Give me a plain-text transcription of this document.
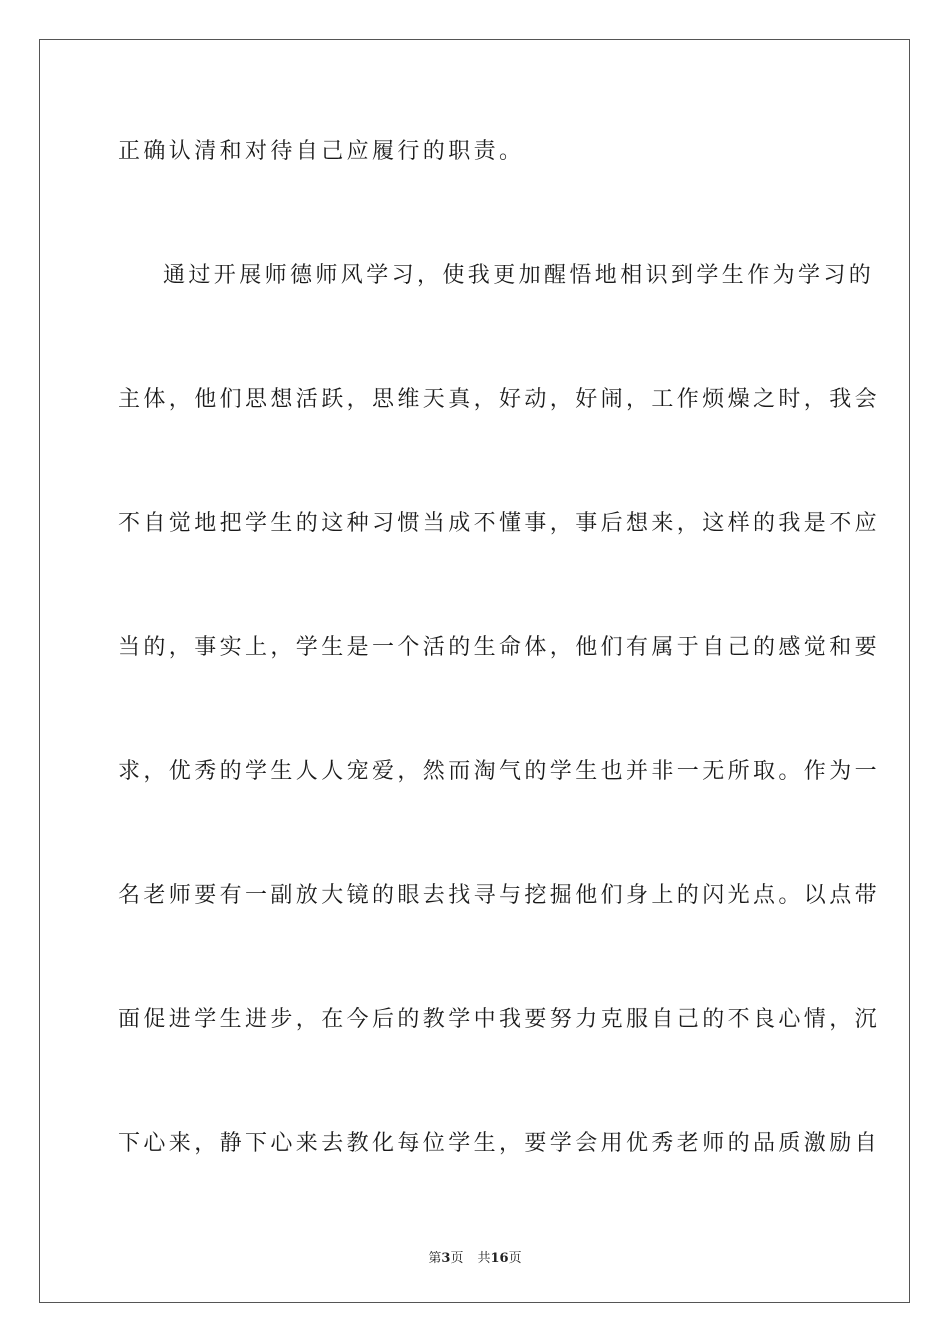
正确认清和对待自己应履行的职责。
通过开展师德师风学习，使我更加醒悟地相识到学生作为学习的
主体，他们思想活跃，思维天真，好动，好闹，工作烦燥之时，我会
不自觉地把学生的这种习惯当成不懂事，事后想来，这样的我是不应
当的，事实上，学生是一个活的生命体，他们有属于自己的感觉和要
求，优秀的学生人人宠爱，然而淘气的学生也并非一无所取。作为一
名老师要有一副放大镜的眼去找寻与挖掘他们身上的闪光点。以点带
面促进学生进步，在今后的教学中我要努力克服自己的不良心情，沉
下心来，静下心来去教化每位学生，要学会用优秀老师的品质激励自
第3页 共16页
